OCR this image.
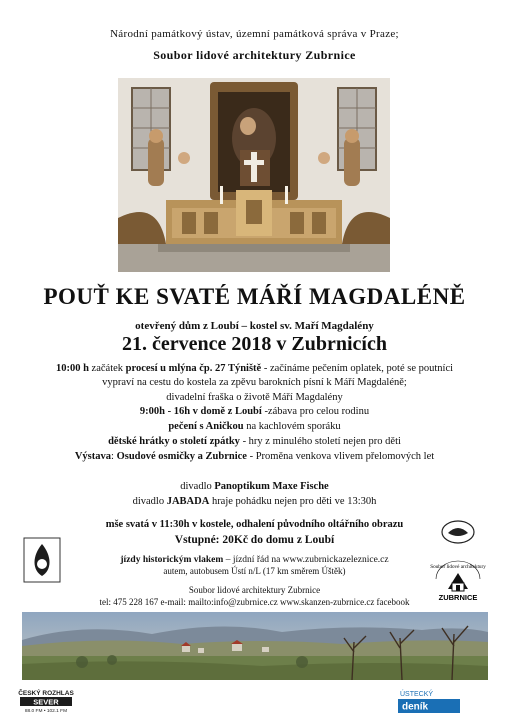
Národní památkový ústav, územní památková správa v Praze;
Soubor lidové architektury Zubrnice
POUŤ KE SVATÉ MÁŘÍ MAGDALÉNĚ
otevřený dům z Loubí – kostel sv. Maří Magdalény
21. července 2018 v Zubrnicích
10:00 h začátek procesí u mlýna čp. 27 Týniště - začínáme pečením oplatek, poté se poutníci
vypraví na cestu do kostela za zpěvu barokních písní k Máří Magdaléně;
divadelní fraška o životě Máří Magdalény
9:00h - 16h v domě z Loubí -zábava pro celou rodinu
pečení s Aničkou na kachlovém sporáku
dětské hrátky o století zpátky - hry z minulého století nejen pro děti
Výstava: Osudové osmičky a Zubrnice - Proměna venkova vlivem přelomových let
divadlo Panoptikum Maxe Fische
divadlo JABADA hraje pohádku nejen pro děti ve 13:30h
mše svatá v 11:30h v kostele, odhalení původního oltářního obrazu
Vstupné: 20Kč do domu z Loubí
jízdy historickým vlakem – jízdní řád na www.zubrnickazeleznice.cz
autem, autobusem Ústí n/L (17 km směrem Úštěk)	Soubor lidové architektury
ZUBRNICE
Soubor lidové architektury Zubrnice
tel: 475 228 167 e-mail: mailto:info@zubrnice.cz www.skanzen-zubrnice.cz facebook
ČESKÝ ROZHLAS
SEVER
88.0 FM • 102.1 FM
ÚSTECKÝ
deník
